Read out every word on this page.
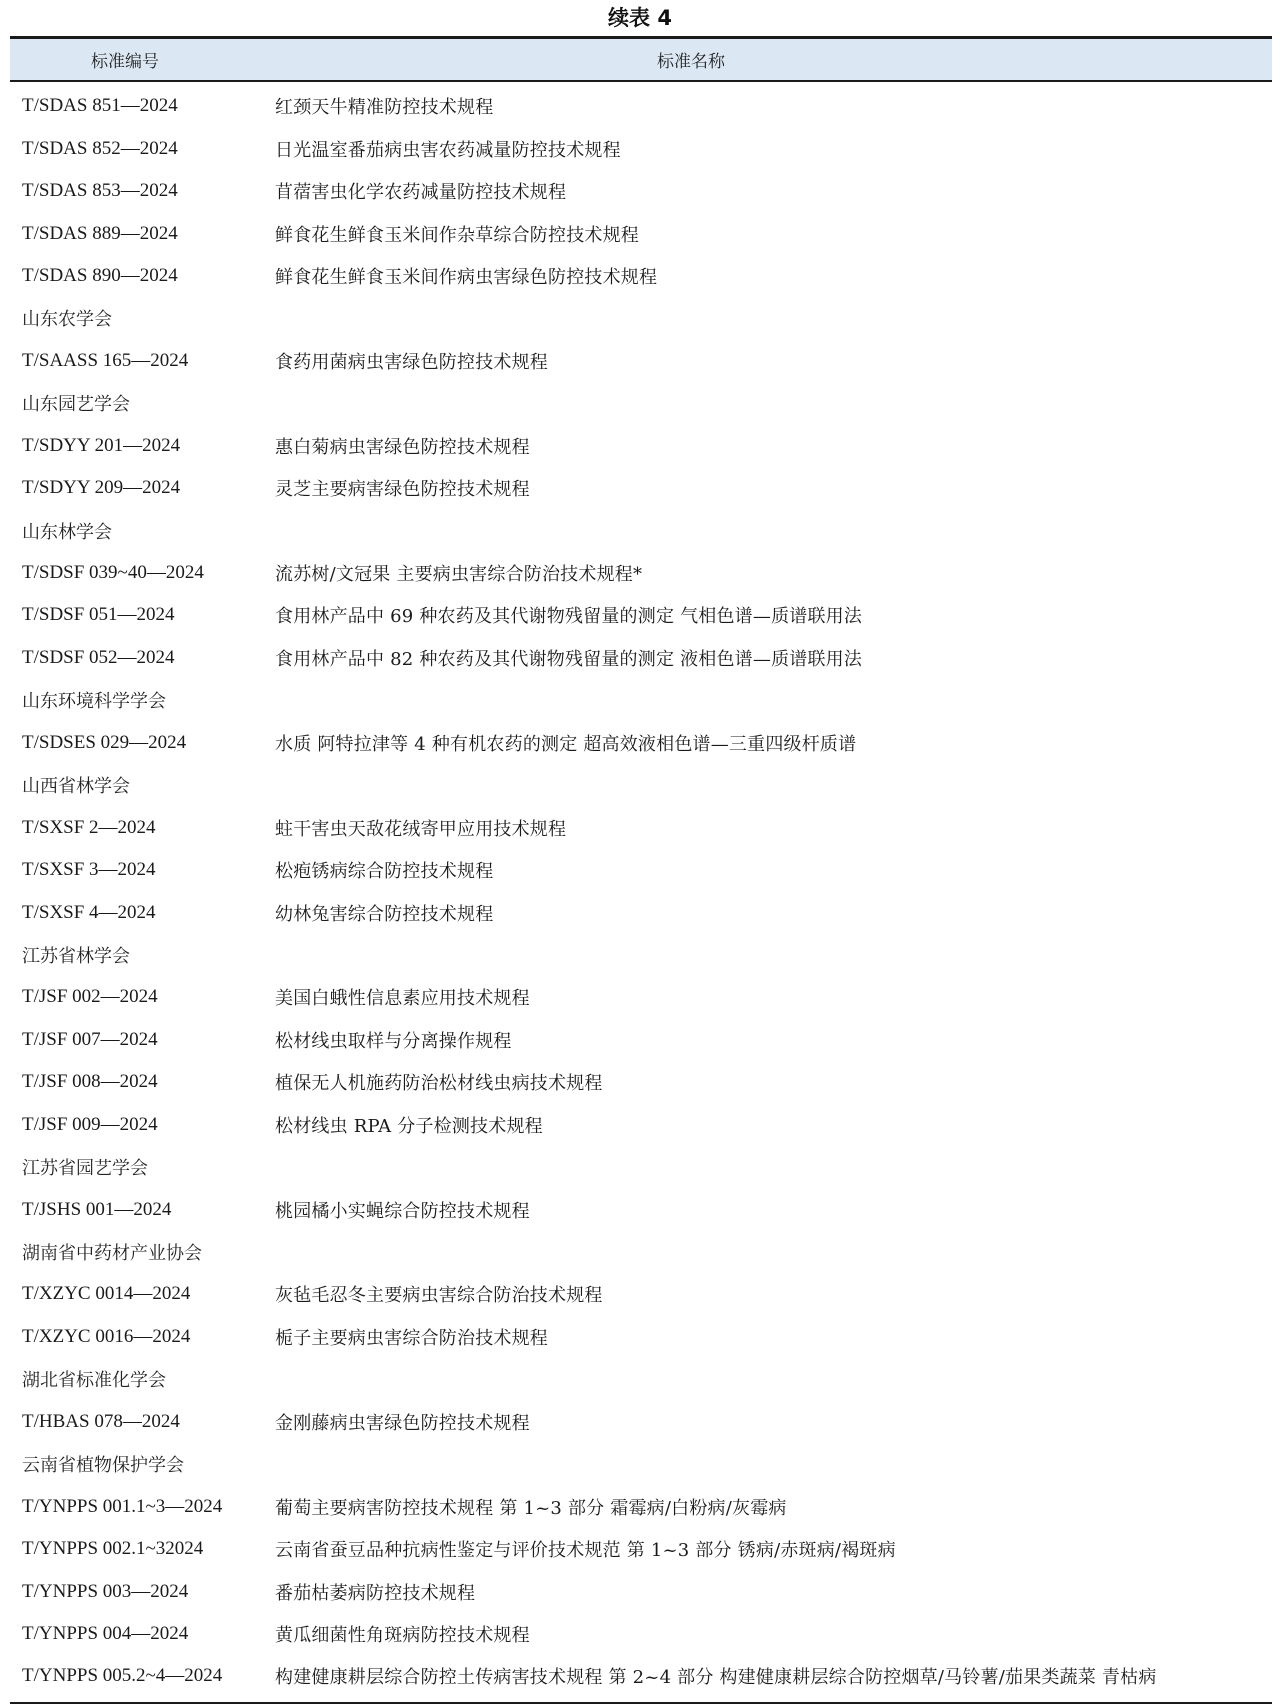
续表 4
标准编号	标准名称
T/SDAS 851—2024	红颈天牛精准防控技术规程
T/SDAS 852—2024	日光温室番茄病虫害农药减量防控技术规程
T/SDAS 853—2024	苜蓿害虫化学农药减量防控技术规程
T/SDAS 889—2024	鲜食花生鲜食玉米间作杂草综合防控技术规程
T/SDAS 890—2024	鲜食花生鲜食玉米间作病虫害绿色防控技术规程
山东农学会
T/SAASS 165—2024	食药用菌病虫害绿色防控技术规程
山东园艺学会
T/SDYY 201—2024	惠白菊病虫害绿色防控技术规程
T/SDYY 209—2024	灵芝主要病害绿色防控技术规程
山东林学会
T/SDSF 039~40—2024	流苏树/文冠果 主要病虫害综合防治技术规程*
T/SDSF 051—2024	食用林产品中 69 种农药及其代谢物残留量的测定 气相色谱—质谱联用法
T/SDSF 052—2024	食用林产品中 82 种农药及其代谢物残留量的测定 液相色谱—质谱联用法
山东环境科学学会
T/SDSES 029—2024	水质 阿特拉津等 4 种有机农药的测定 超高效液相色谱—三重四级杆质谱
山西省林学会
T/SXSF 2—2024	蛀干害虫天敌花绒寄甲应用技术规程
T/SXSF 3—2024	松疱锈病综合防控技术规程
T/SXSF 4—2024	幼林兔害综合防控技术规程
江苏省林学会
T/JSF 002—2024	美国白蛾性信息素应用技术规程
T/JSF 007—2024	松材线虫取样与分离操作规程
T/JSF 008—2024	植保无人机施药防治松材线虫病技术规程
T/JSF 009—2024	松材线虫 RPA 分子检测技术规程
江苏省园艺学会
T/JSHS 001—2024	桃园橘小实蝇综合防控技术规程
湖南省中药材产业协会
T/XZYC 0014—2024	灰毡毛忍冬主要病虫害综合防治技术规程
T/XZYC 0016—2024	栀子主要病虫害综合防治技术规程
湖北省标准化学会
T/HBAS 078—2024	金刚藤病虫害绿色防控技术规程
云南省植物保护学会
T/YNPPS 001.1~3—2024	葡萄主要病害防控技术规程 第 1~3 部分 霜霉病/白粉病/灰霉病
T/YNPPS 002.1~32024	云南省蚕豆品种抗病性鉴定与评价技术规范 第 1~3 部分 锈病/赤斑病/褐斑病
T/YNPPS 003—2024	番茄枯萎病防控技术规程
T/YNPPS 004—2024	黄瓜细菌性角斑病防控技术规程
T/YNPPS 005.2~4—2024	构建健康耕层综合防控土传病害技术规程 第 2~4 部分 构建健康耕层综合防控烟草/马铃薯/茄果类蔬菜 青枯病
